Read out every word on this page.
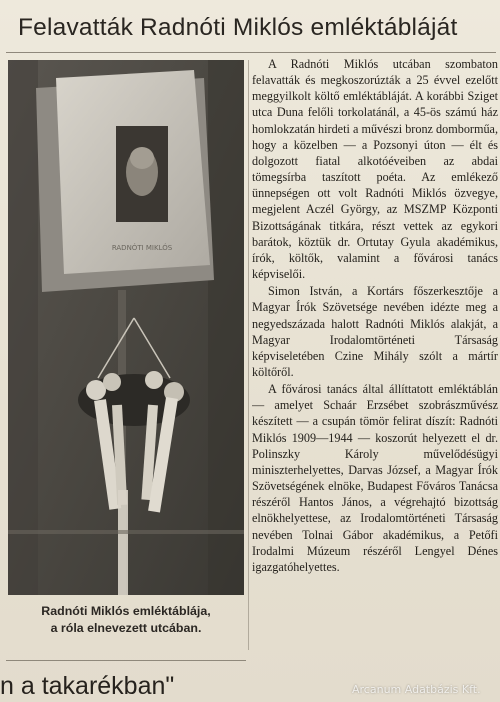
Felavatták Radnóti Miklós emléktábláját
RADNÓTI MIKLÓS
Radnóti Miklós emléktáblája,
a róla elnevezett utcában.

A Radnóti Miklós utcában szombaton felavatták és megkoszorúzták a 25 évvel ezelőtt meggyilkolt költő emléktábláját. A korábbi Sziget utca Duna felőli torkolatánál, a 45-ös számú ház homlokzatán hirdeti a művészi bronz domborműa, hogy a közelben — a Pozsonyi úton — élt és dolgozott fiatal alkotóéveiben az abdai tömegsírba taszított poéta. Az emlékező ünnepségen ott volt Radnóti Miklós özvegye, megjelent Aczél György, az MSZMP Központi Bizottságának titkára, részt vettek az egykori barátok, köztük dr. Ortutay Gyula akadémikus, írók, költők, valamint a fővárosi tanács képviselői.

Simon István, a Kortárs főszerkesztője a Magyar Írók Szövetsége nevében idézte meg a negyedszázada halott Radnóti Miklós alakját, a Magyar Irodalomtörténeti Társaság képviseletében Czine Mihály szólt a mártír költőről.

A fővárosi tanács által állíttatott emléktáblán — amelyet Schaár Erzsébet szobrászművész készített — a csupán tömör felirat díszít: Radnóti Miklós 1909—1944 — koszorút helyezett el dr. Polinszky Károly művelődésügyi miniszterhelyettes, Darvas József, a Magyar Írók Szövetségének elnöke, Budapest Főváros Tanácsa részéről Hantos János, a végrehajtó bizottság elnökhelyettese, az Irodalomtörténeti Társaság nevében Tolnai Gábor akadémikus, a Petőfi Irodalmi Múzeum részéről Lengyel Dénes igazgatóhelyettes.

n a takarékban"	Arcanum Adatbázis Kft.
